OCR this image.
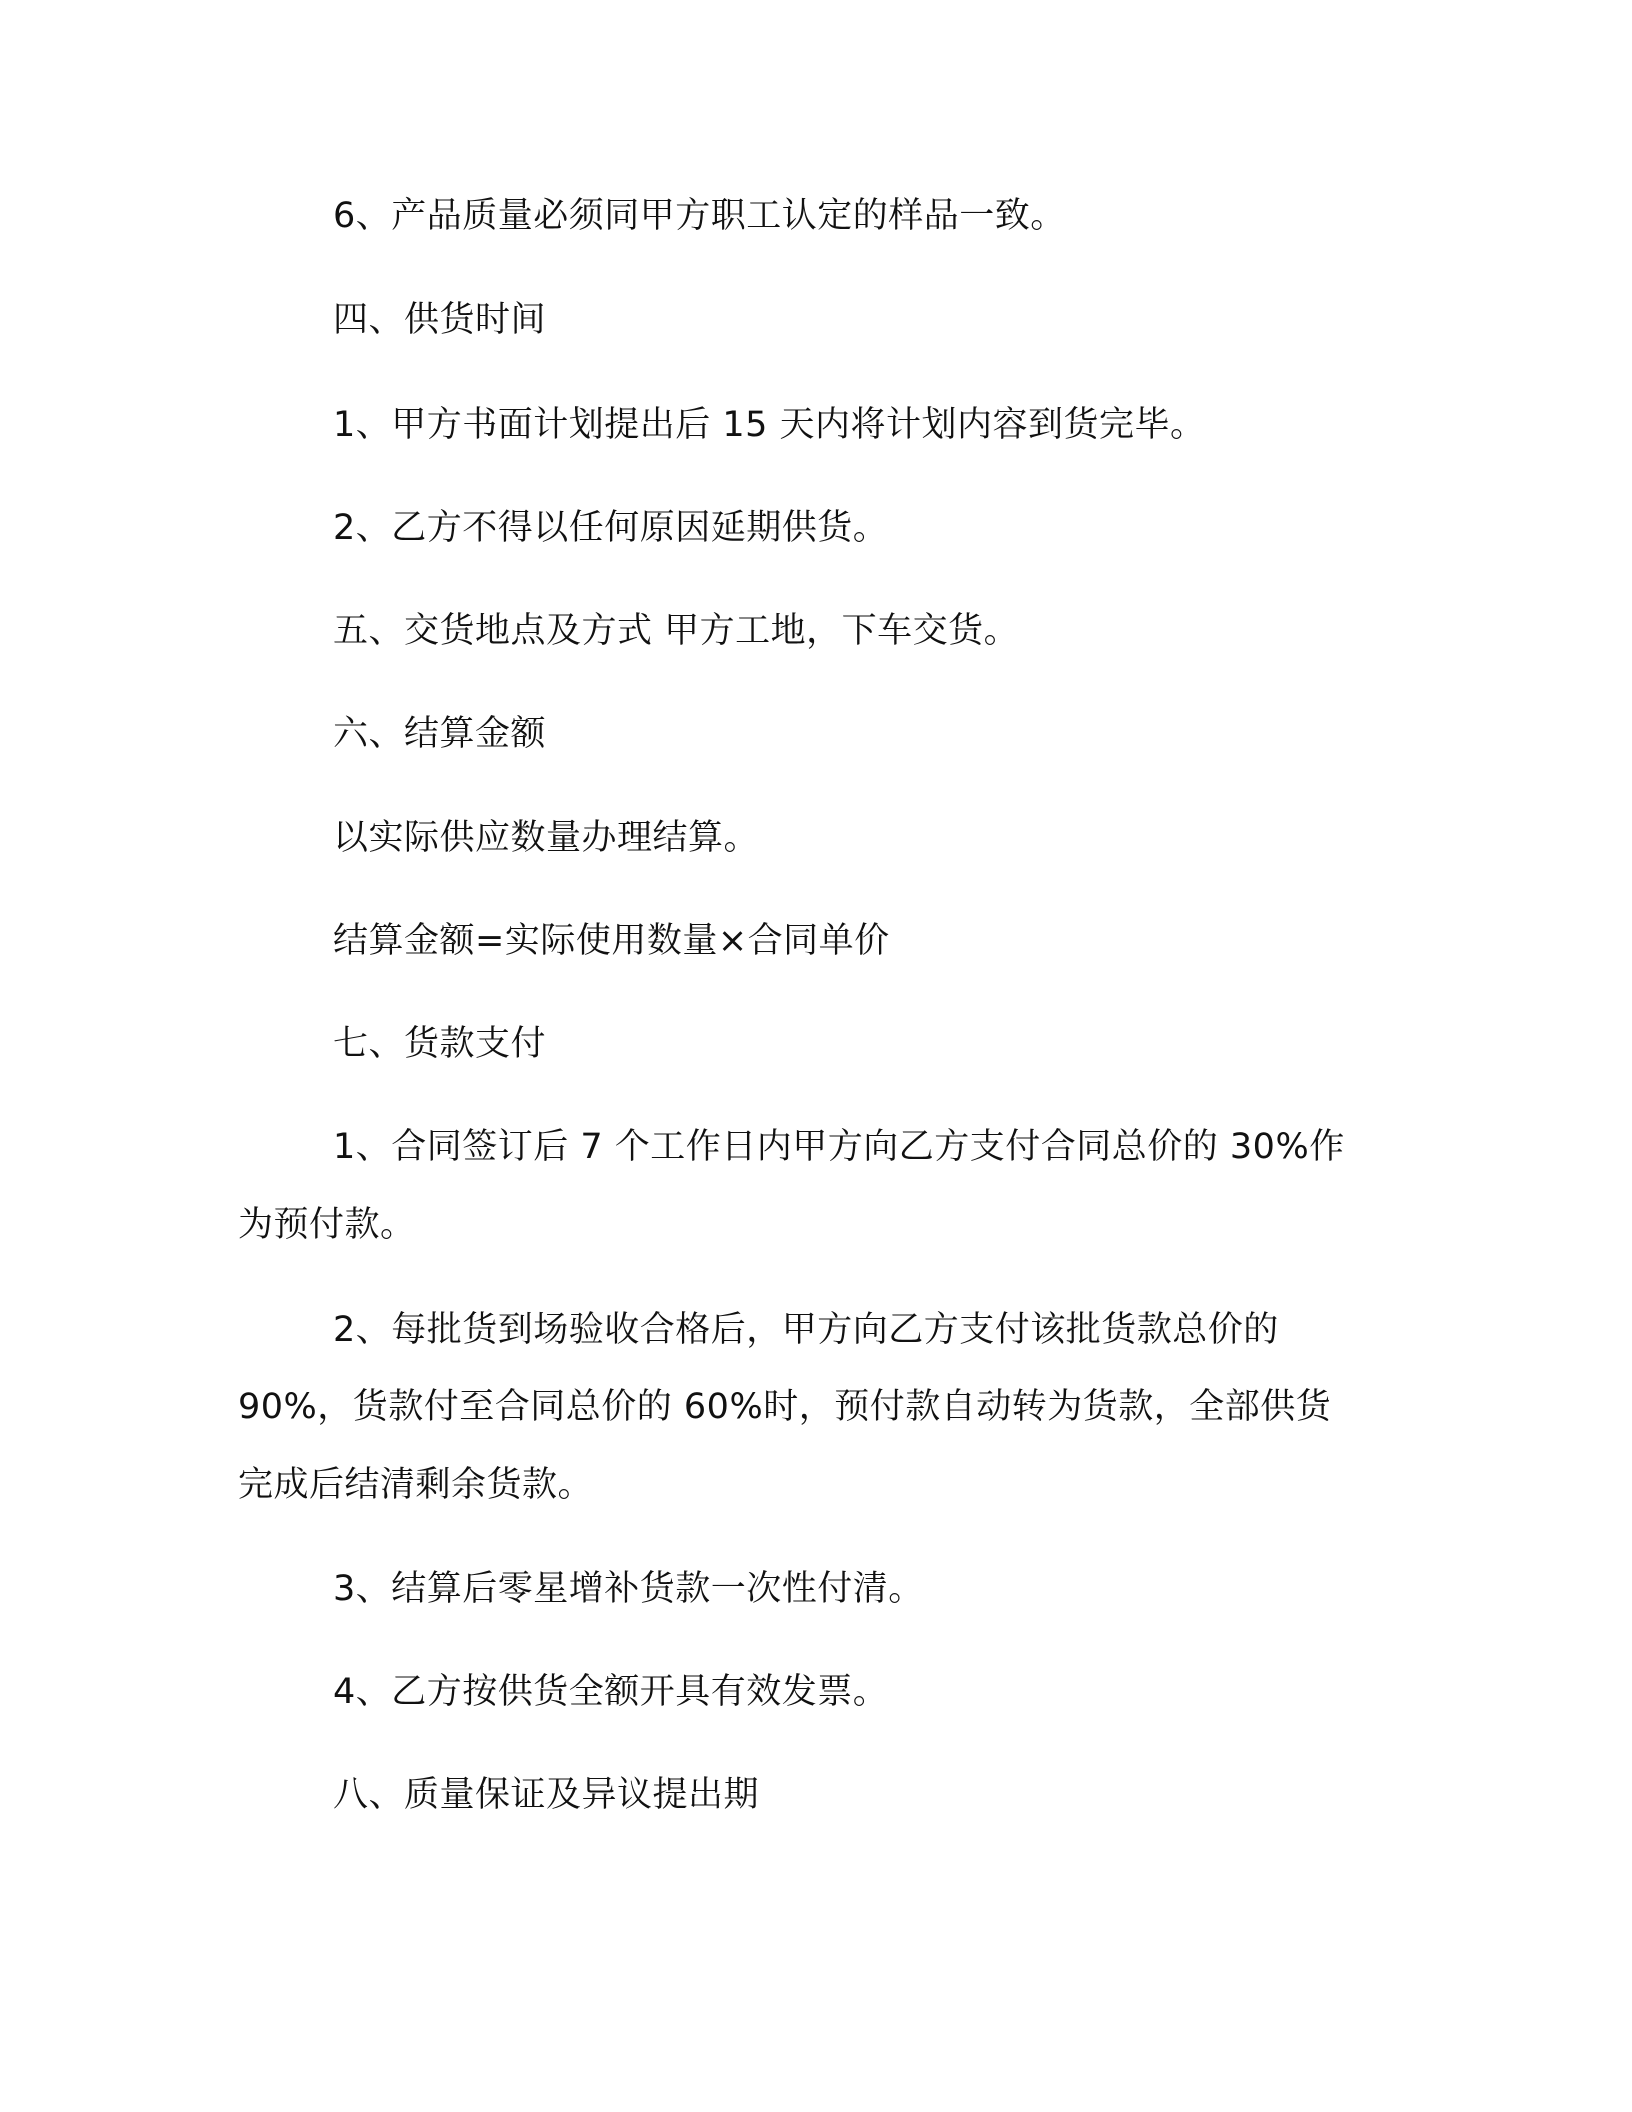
6、产品质量必须同甲方职工认定的样品一致。
四、供货时间
1、甲方书面计划提出后 15 天内将计划内容到货完毕。
2、乙方不得以任何原因延期供货。
五、交货地点及方式 甲方工地，下车交货。
六、结算金额
以实际供应数量办理结算。
结算金额=实际使用数量×合同单价
七、货款支付
1、合同签订后 7 个工作日内甲方向乙方支付合同总价的 30%作
为预付款。
2、每批货到场验收合格后，甲方向乙方支付该批货款总价的
90%，货款付至合同总价的 60%时，预付款自动转为货款，全部供货
完成后结清剩余货款。
3、结算后零星增补货款一次性付清。
4、乙方按供货全额开具有效发票。
八、质量保证及异议提出期
